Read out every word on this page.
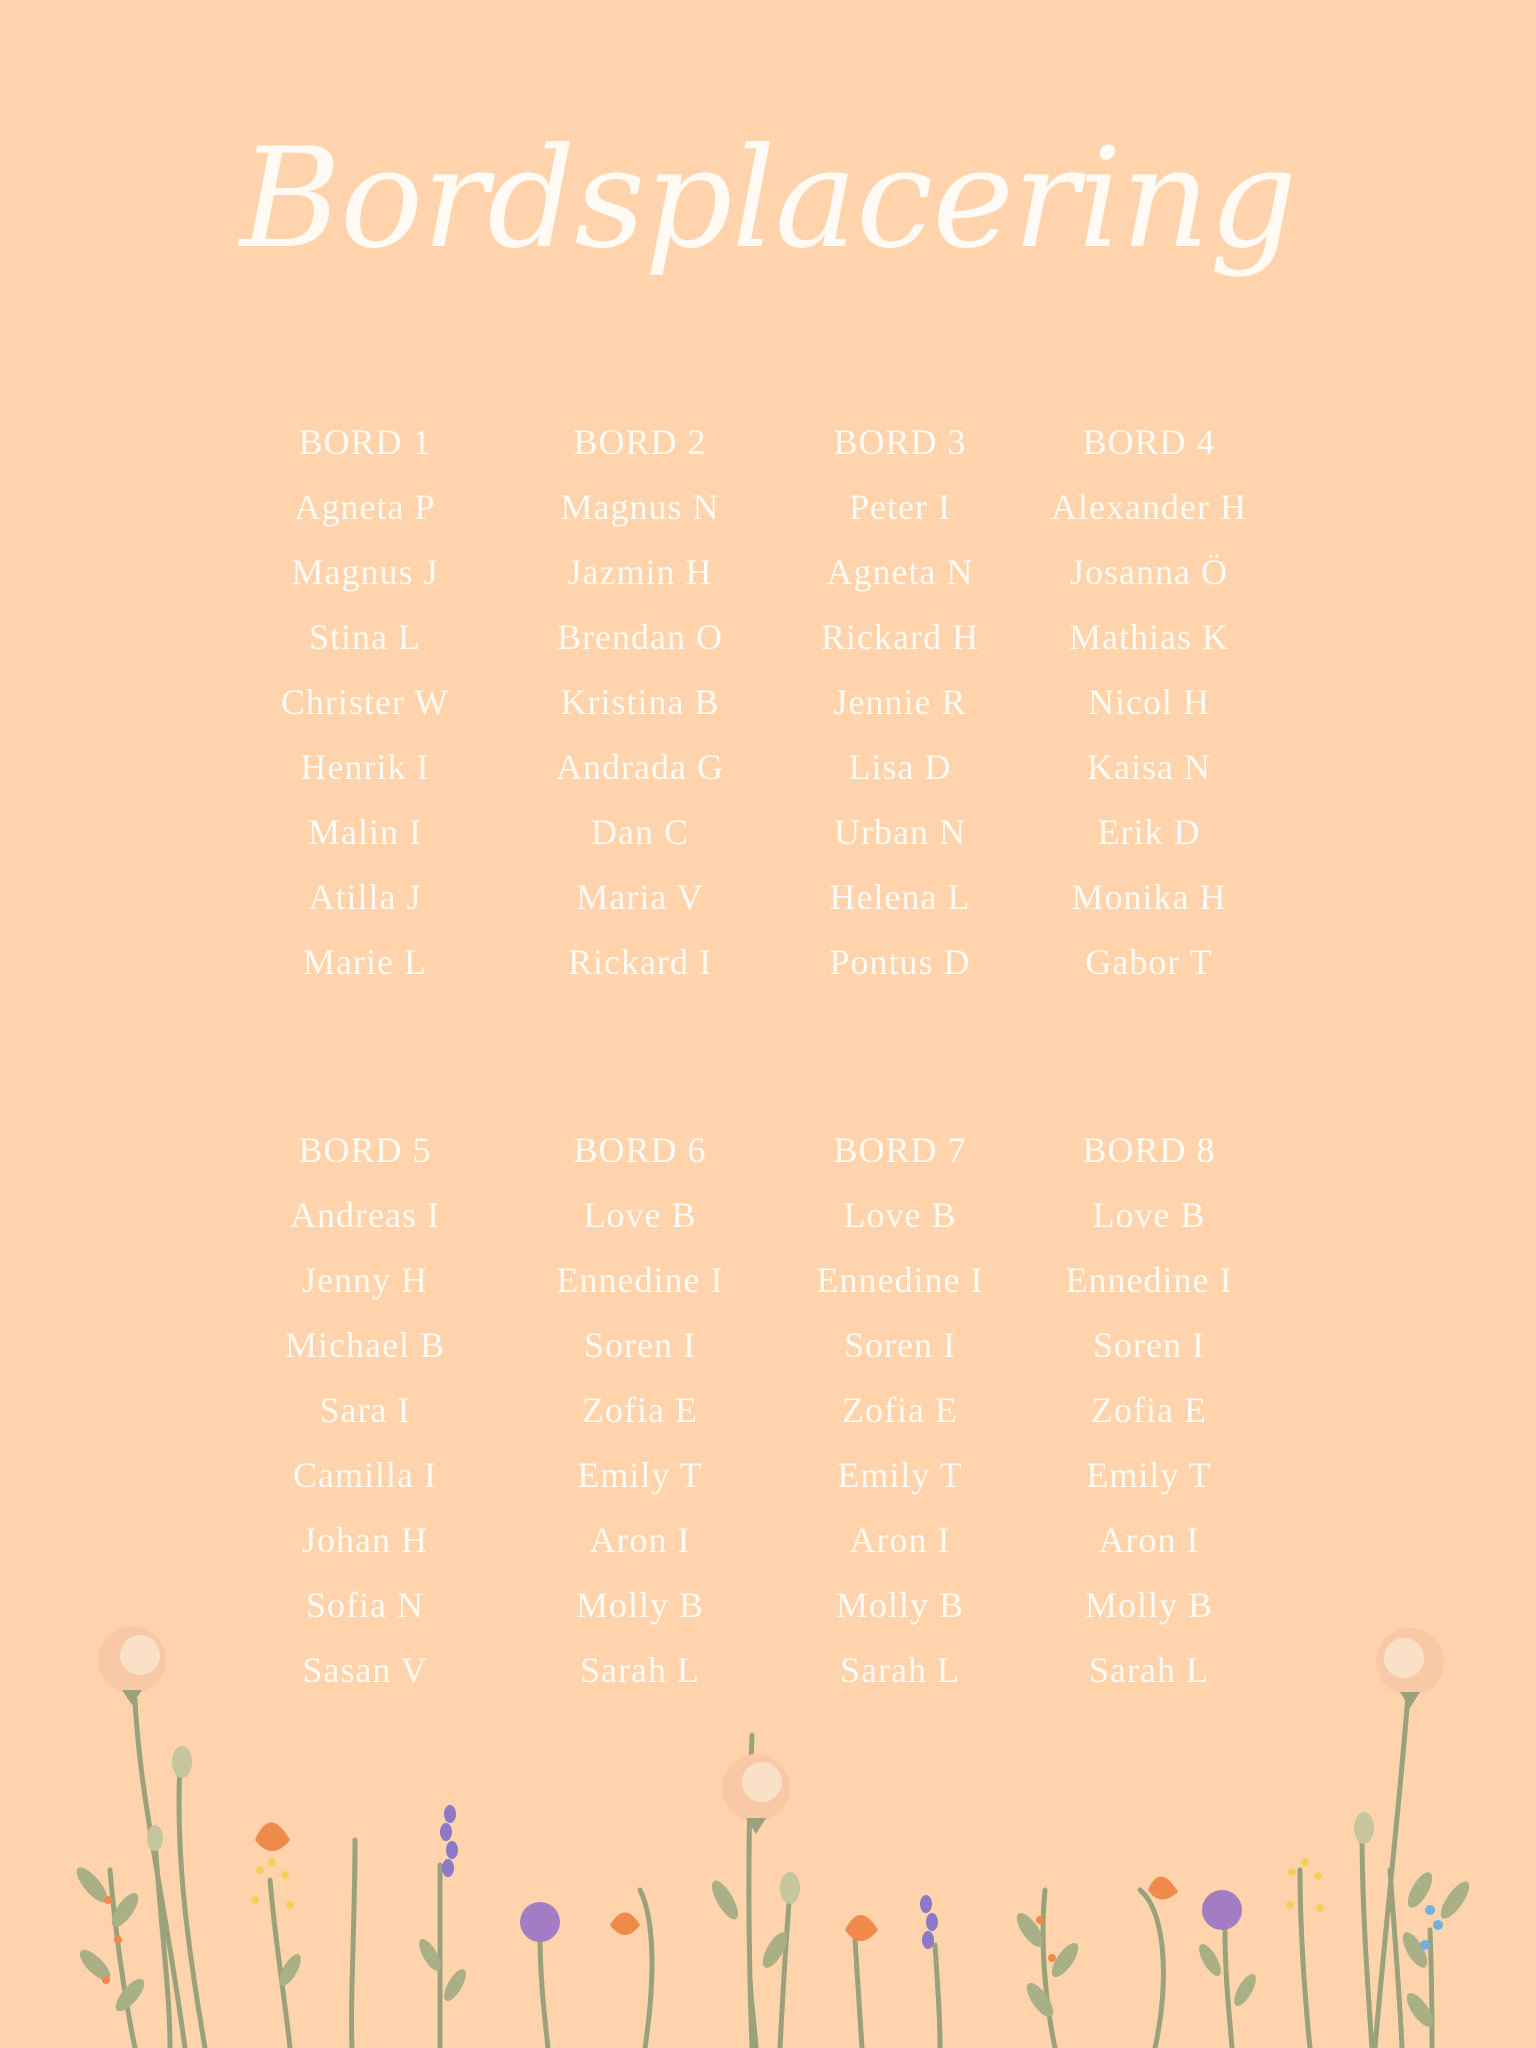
Bordsplacering
BORD 1
Agneta P
Magnus J
Stina L
Christer W
Henrik I
Malin I
Atilla J
Marie L
BORD 2
Magnus N
Jazmin H
Brendan O
Kristina B
Andrada G
Dan C
Maria V
Rickard I
BORD 3
Peter I
Agneta N
Rickard H
Jennie R
Lisa D
Urban N
Helena L
Pontus D
BORD 4
Alexander H
Josanna Ö
Mathias K
Nicol H
Kaisa N
Erik D
Monika H
Gabor T
BORD 5
Andreas I
Jenny H
Michael B
Sara I
Camilla I
Johan H
Sofia N
Sasan V
BORD 6
Love B
Ennedine I
Soren I
Zofia E
Emily T
Aron I
Molly B
Sarah L
BORD 7
Love B
Ennedine I
Soren I
Zofia E
Emily T
Aron I
Molly B
Sarah L
BORD 8
Love B
Ennedine I
Soren I
Zofia E
Emily T
Aron I
Molly B
Sarah L
